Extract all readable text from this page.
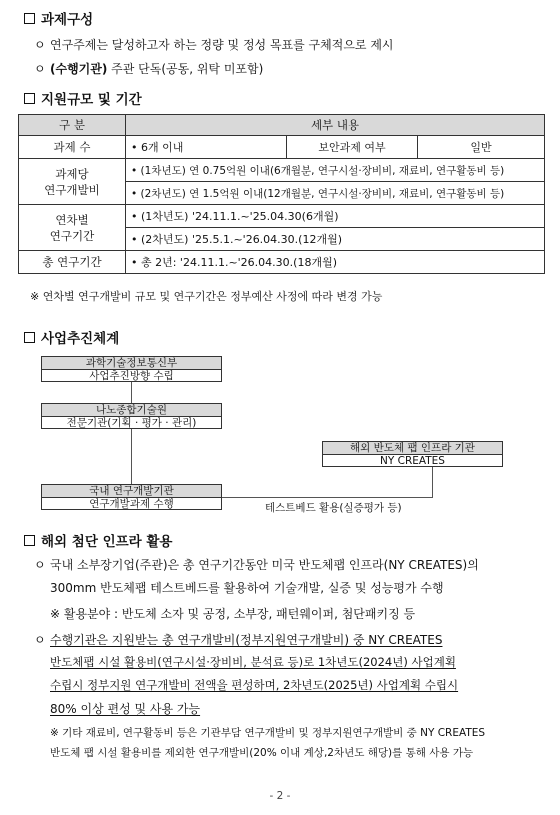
과제구성
ㅇ 연구주제는 달성하고자 하는 정량 및 정성 목표를 구체적으로 제시
ㅇ (수행기관) 주관 단독(공동, 위탁 미포함)
지원규모 및 기간
구 분	세부 내용		
과제 수	• 6개 이내	보안과제 여부	일반
과제당
연구개발비	• (1차년도) 연 0.75억원 이내(6개월분, 연구시설·장비비, 재료비, 연구활동비 등)		
	• (2차년도) 연 1.5억원 이내(12개월분, 연구시설·장비비, 재료비, 연구활동비 등)		
연차별
연구기간	• (1차년도) '24.11.1.~'25.04.30(6개월)		
	• (2차년도) '25.5.1.~'26.04.30.(12개월)		
총 연구기간	• 총 2년: '24.11.1.~'26.04.30.(18개월)		
※ 연차별 연구개발비 규모 및 연구기간은 정부예산 사정에 따라 변경 가능
사업추진체계
과학기술정보통신부
사업추진방향 수립
나노종합기술원
전문기관(기획 · 평가 · 관리)
국내 연구개발기관
연구개발과제 수행
해외 반도체 팹 인프라 기관
NY CREATES
테스트베드 활용(실증평가 등)
해외 첨단 인프라 활용
ㅇ 국내 소부장기업(주관)은 총 연구기간동안 미국 반도체팹 인프라(NY CREATES)의
300mm 반도체팹 테스트베드를 활용하여 기술개발, 실증 및 성능평가 수행
※ 활용분야 : 반도체 소자 및 공정, 소부장, 패턴웨이퍼, 첨단패키징 등
ㅇ 수행기관은 지원받는 총 연구개발비(정부지원연구개발비) 중 NY CREATES
반도체팹 시설 활용비(연구시설·장비비, 분석료 등)로 1차년도(2024년) 사업계획
수립시 정부지원 연구개발비 전액을 편성하며, 2차년도(2025년) 사업계획 수립시
80% 이상 편성 및 사용 가능
※ 기타 재료비, 연구활동비 등은 기관부담 연구개발비 및 정부지원연구개발비 중 NY CREATES
반도체 팹 시설 활용비를 제외한 연구개발비(20% 이내 계상,2차년도 해당)를 통해 사용 가능
- 2 -
